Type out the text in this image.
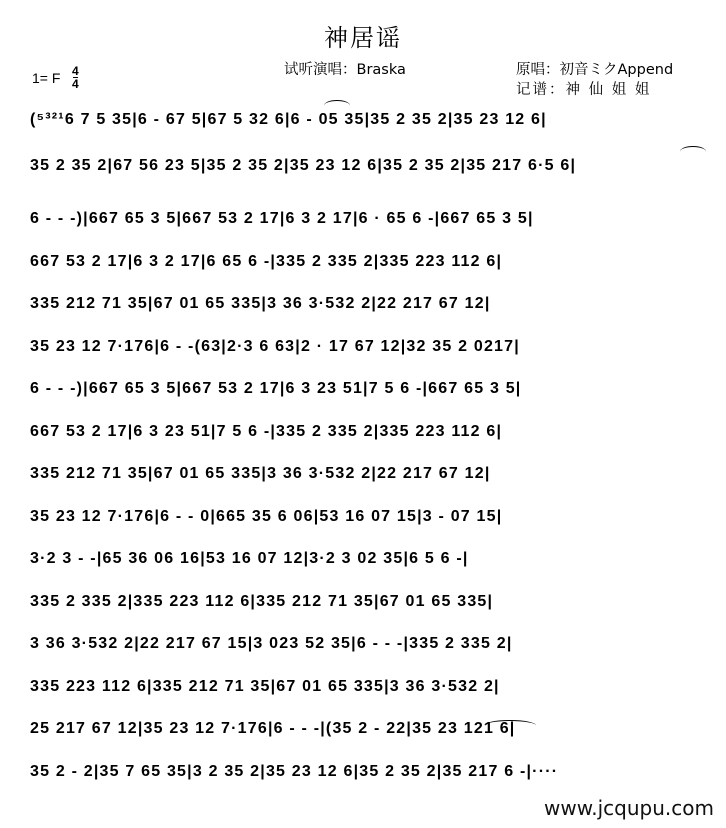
神居谣
试听演唱：Braska	原唱：初音ミクAppend
记谱：神 仙 姐 姐
1= F 4
4
(⁵³²¹6 7 5 35|6 - 67 5|67 5 32 6|6 - 05 35|35 2 35 2|35 23 12 6|
35 2 35 2|67 56 23 5|35 2 35 2|35 23 12 6|35 2 35 2|35 217 6·5 6|
6 - - -)|667 65 3 5|667 53 2 17|6 3 2 17|6 · 65 6 -|667 65 3 5|
667 53 2 17|6 3 2 17|6 65 6 -|335 2 335 2|335 223 112 6|
335 212 71 35|67 01 65 335|3 36 3·532 2|22 217 67 12|
35 23 12 7·176|6 - -(63|2·3 6 63|2 · 17 67 12|32 35 2 0217|
6 - - -)|667 65 3 5|667 53 2 17|6 3 23 51|7 5 6 -|667 65 3 5|
667 53 2 17|6 3 23 51|7 5 6 -|335 2 335 2|335 223 112 6|
335 212 71 35|67 01 65 335|3 36 3·532 2|22 217 67 12|
35 23 12 7·176|6 - - 0|665 35 6 06|53 16 07 15|3 - 07 15|
3·2 3 - -|65 36 06 16|53 16 07 12|3·2 3 02 35|6 5 6 -|
335 2 335 2|335 223 112 6|335 212 71 35|67 01 65 335|
3 36 3·532 2|22 217 67 15|3 023 52 35|6 - - -|335 2 335 2|
335 223 112 6|335 212 71 35|67 01 65 335|3 36 3·532 2|
25 217 67 12|35 23 12 7·176|6 - - -|(35 2 - 22|35 23 121 6|
35 2 - 2|35 7 65 35|3 2 35 2|35 23 12 6|35 2 35 2|35 217 6 -|····
www.jcqupu.com
